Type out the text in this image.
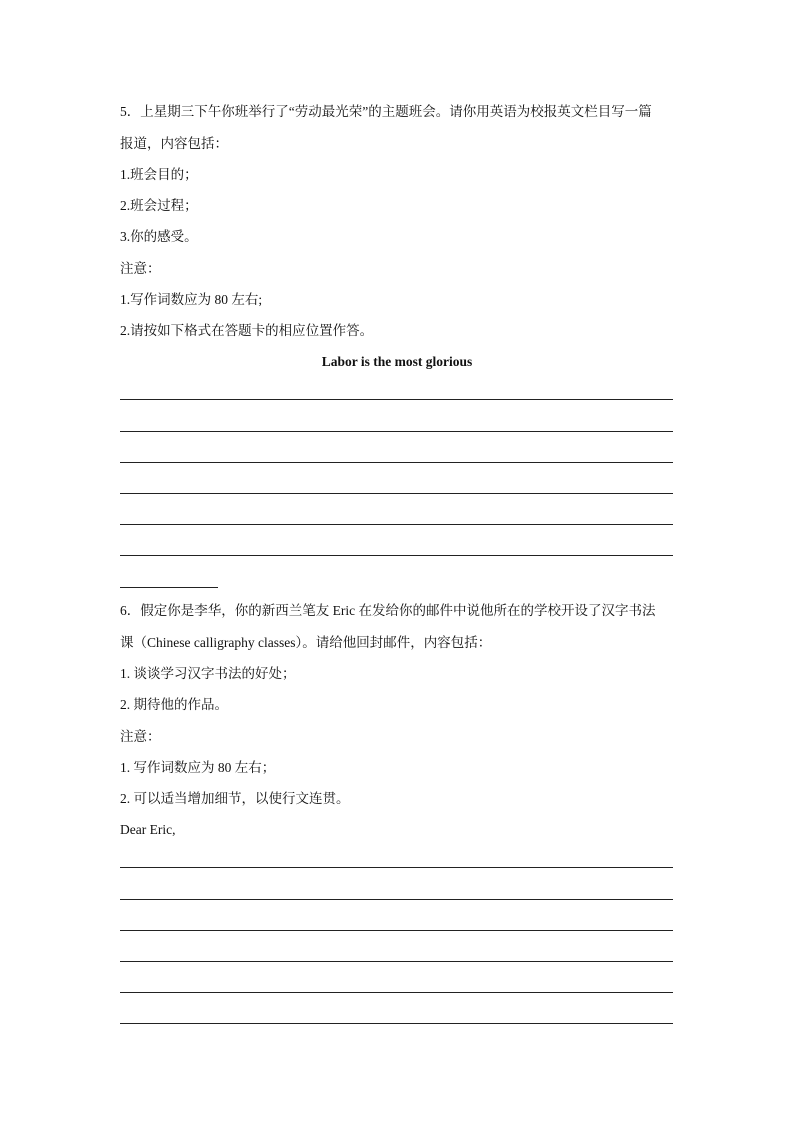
5．上星期三下午你班举行了“劳动最光荣”的主题班会。请你用英语为校报英文栏目写一篇
报道，内容包括：
1.班会目的；
2.班会过程；
3.你的感受。
注意：
1.写作词数应为 80 左右;
2.请按如下格式在答题卡的相应位置作答。
Labor is the most glorious
6．假定你是李华，你的新西兰笔友 Eric 在发给你的邮件中说他所在的学校开设了汉字书法
课（Chinese calligraphy classes）。请给他回封邮件，内容包括：
1. 谈谈学习汉字书法的好处；
2. 期待他的作品。
注意：
1. 写作词数应为 80 左右；
2. 可以适当增加细节，以使行文连贯。
Dear Eric,
